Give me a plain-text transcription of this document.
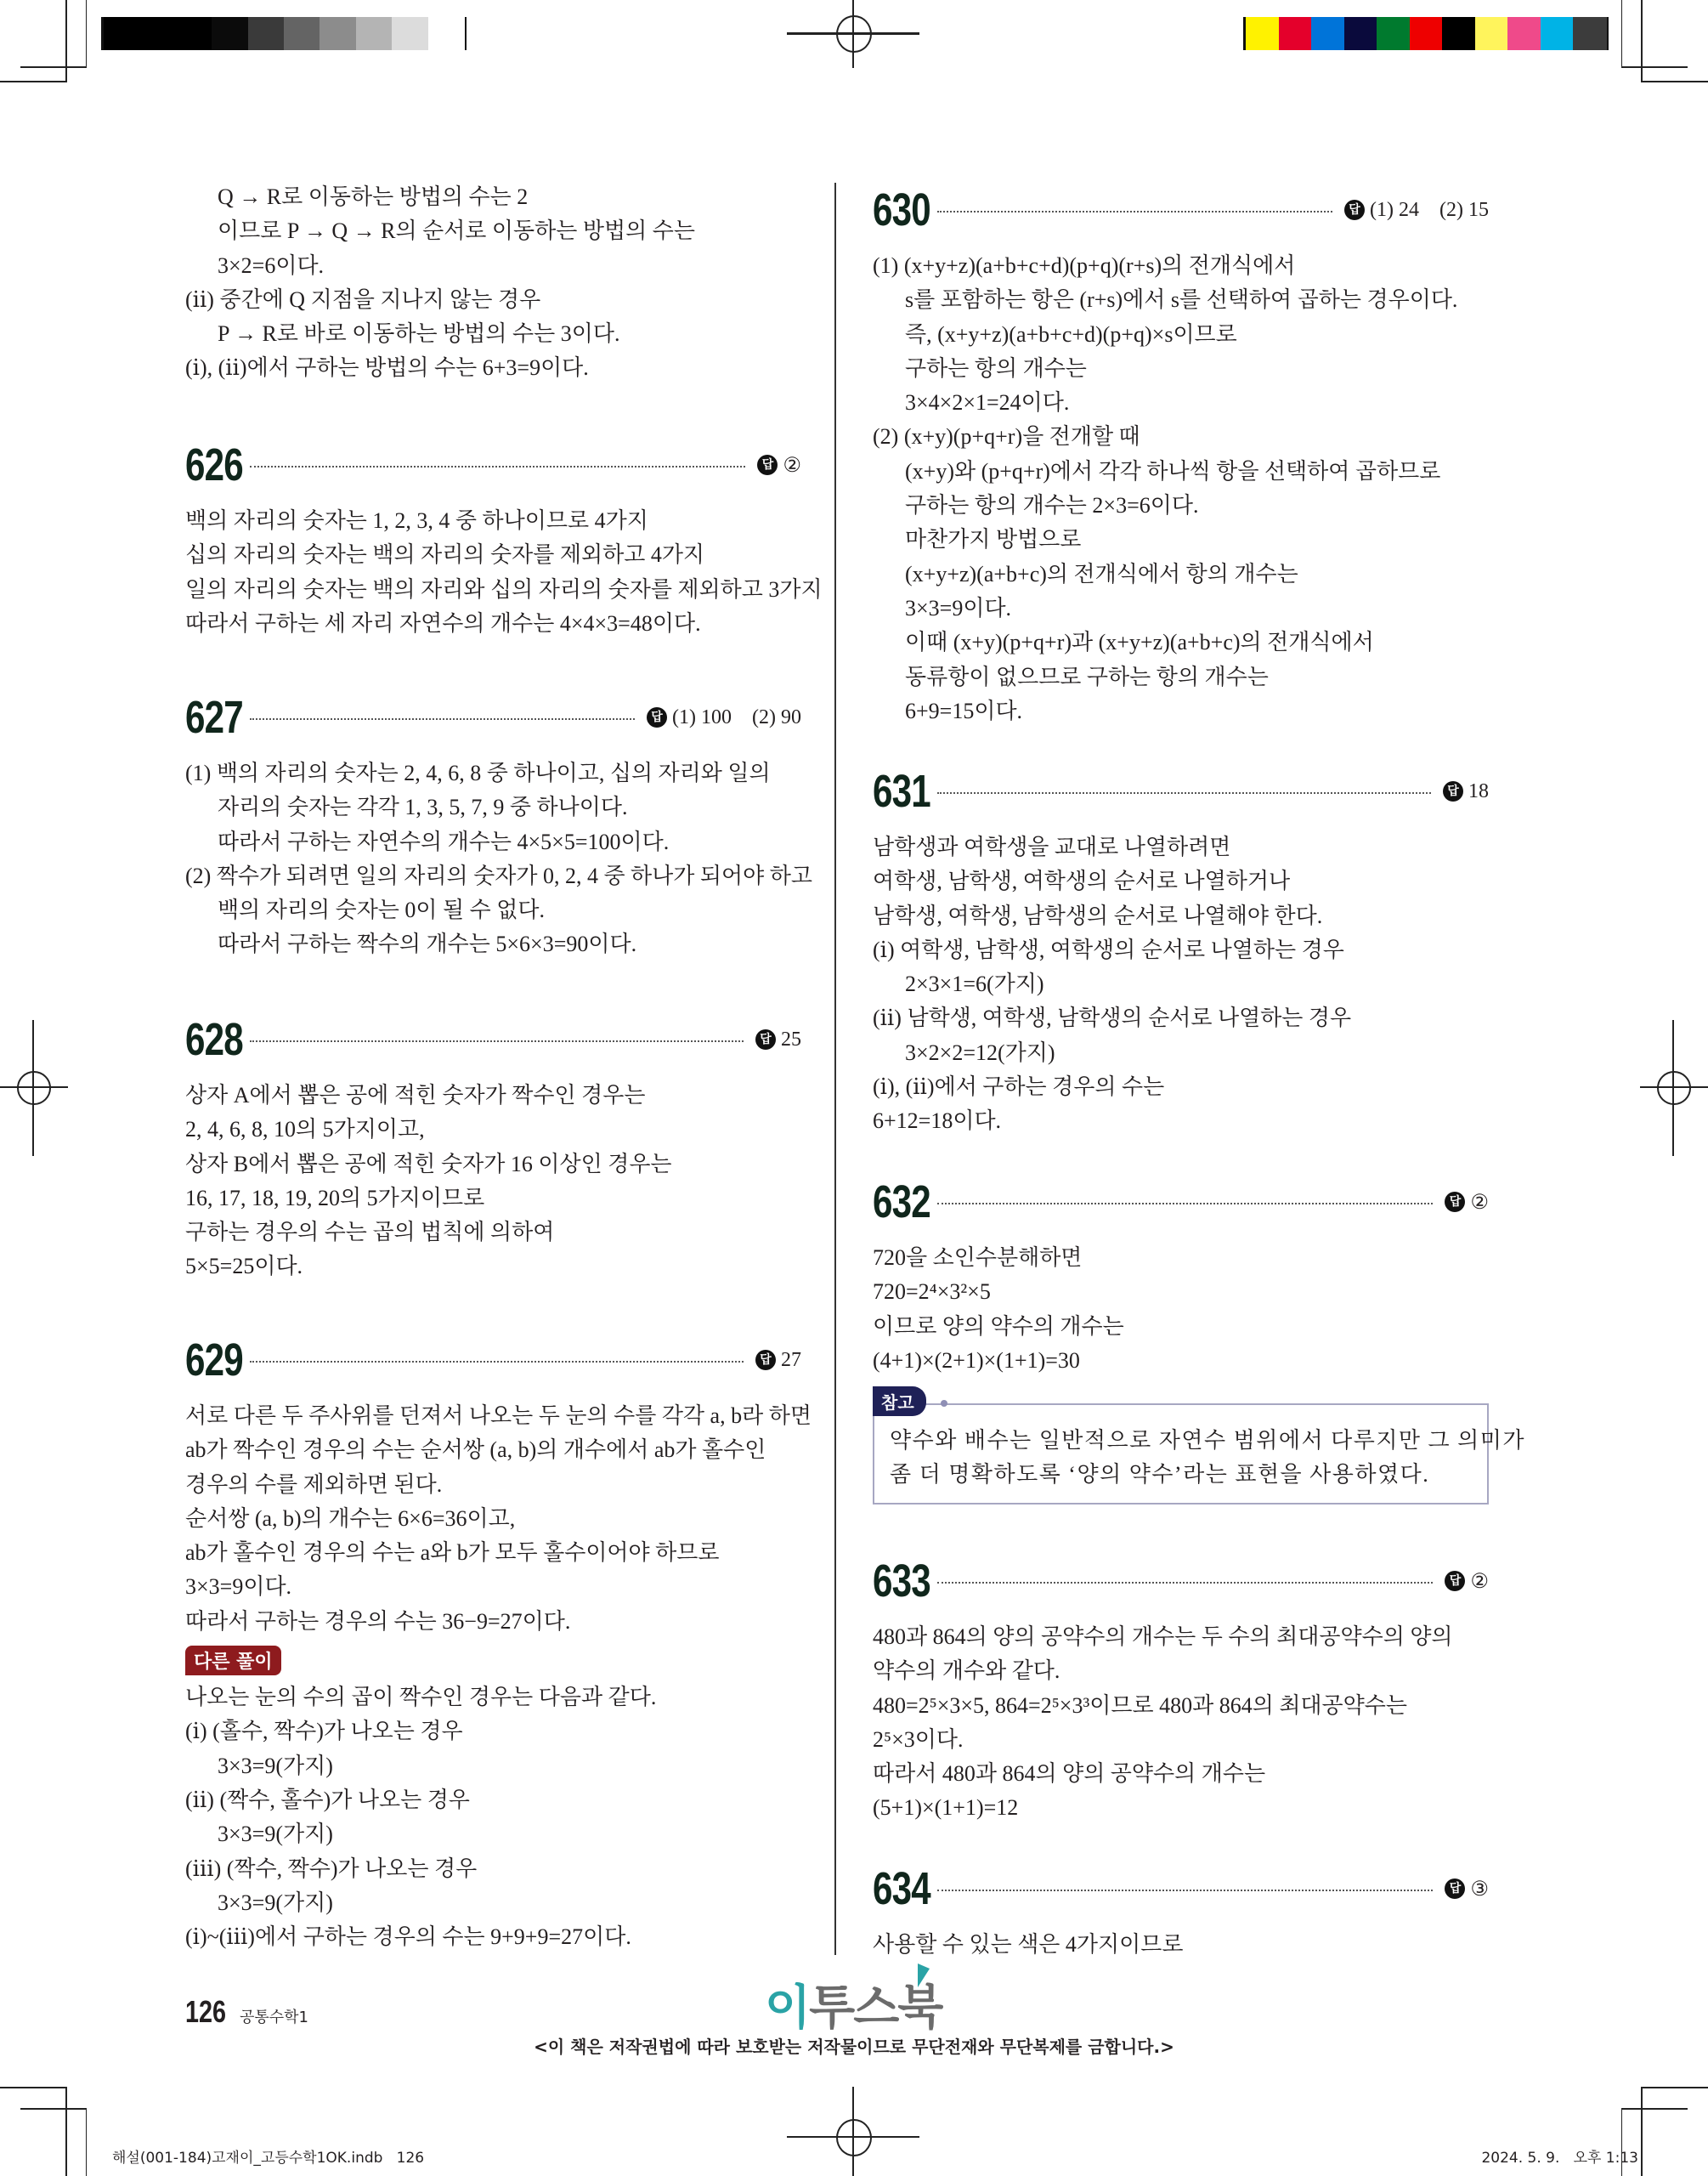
Q → R로 이동하는 방법의 수는 2
이므로 P → Q → R의 순서로 이동하는 방법의 수는
3×2=6이다.
(ⅱ) 중간에 Q 지점을 지나지 않는 경우
P → R로 바로 이동하는 방법의 수는 3이다.
(ⅰ), (ⅱ)에서 구하는 방법의 수는 6+3=9이다.
626	답 ②
백의 자리의 숫자는 1, 2, 3, 4 중 하나이므로 4가지
십의 자리의 숫자는 백의 자리의 숫자를 제외하고 4가지
일의 자리의 숫자는 백의 자리와 십의 자리의 숫자를 제외하고 3가지
따라서 구하는 세 자리 자연수의 개수는 4×4×3=48이다.
627	답 (1) 100    (2) 90
(1) 백의 자리의 숫자는 2, 4, 6, 8 중 하나이고, 십의 자리와 일의
자리의 숫자는 각각 1, 3, 5, 7, 9 중 하나이다.
따라서 구하는 자연수의 개수는 4×5×5=100이다.
(2) 짝수가 되려면 일의 자리의 숫자가 0, 2, 4 중 하나가 되어야 하고
백의 자리의 숫자는 0이 될 수 없다.
따라서 구하는 짝수의 개수는 5×6×3=90이다.
628	답 25
상자 A에서 뽑은 공에 적힌 숫자가 짝수인 경우는
2, 4, 6, 8, 10의 5가지이고,
상자 B에서 뽑은 공에 적힌 숫자가 16 이상인 경우는
16, 17, 18, 19, 20의 5가지이므로
구하는 경우의 수는 곱의 법칙에 의하여
5×5=25이다.
629	답 27
서로 다른 두 주사위를 던져서 나오는 두 눈의 수를 각각 a, b라 하면
ab가 짝수인 경우의 수는 순서쌍 (a, b)의 개수에서 ab가 홀수인
경우의 수를 제외하면 된다.
순서쌍 (a, b)의 개수는 6×6=36이고,
ab가 홀수인 경우의 수는 a와 b가 모두 홀수이어야 하므로
3×3=9이다.
따라서 구하는 경우의 수는 36−9=27이다.
다른 풀이
나오는 눈의 수의 곱이 짝수인 경우는 다음과 같다.
(ⅰ) (홀수, 짝수)가 나오는 경우
3×3=9(가지)
(ⅱ) (짝수, 홀수)가 나오는 경우
3×3=9(가지)
(ⅲ) (짝수, 짝수)가 나오는 경우
3×3=9(가지)
(ⅰ)~(ⅲ)에서 구하는 경우의 수는 9+9+9=27이다.
630	답 (1) 24    (2) 15
(1) (x+y+z)(a+b+c+d)(p+q)(r+s)의 전개식에서
s를 포함하는 항은 (r+s)에서 s를 선택하여 곱하는 경우이다.
즉, (x+y+z)(a+b+c+d)(p+q)×s이므로
구하는 항의 개수는
3×4×2×1=24이다.
(2) (x+y)(p+q+r)을 전개할 때
(x+y)와 (p+q+r)에서 각각 하나씩 항을 선택하여 곱하므로
구하는 항의 개수는 2×3=6이다.
마찬가지 방법으로
(x+y+z)(a+b+c)의 전개식에서 항의 개수는
3×3=9이다.
이때 (x+y)(p+q+r)과 (x+y+z)(a+b+c)의 전개식에서
동류항이 없으므로 구하는 항의 개수는
6+9=15이다.
631	답 18
남학생과 여학생을 교대로 나열하려면
여학생, 남학생, 여학생의 순서로 나열하거나
남학생, 여학생, 남학생의 순서로 나열해야 한다.
(ⅰ) 여학생, 남학생, 여학생의 순서로 나열하는 경우
2×3×1=6(가지)
(ⅱ) 남학생, 여학생, 남학생의 순서로 나열하는 경우
3×2×2=12(가지)
(ⅰ), (ⅱ)에서 구하는 경우의 수는
6+12=18이다.
632	답 ②
720을 소인수분해하면
720=2⁴×3²×5
이므로 양의 약수의 개수는
(4+1)×(2+1)×(1+1)=30
참고
약수와 배수는 일반적으로 자연수 범위에서 다루지만 그 의미가
좀 더 명확하도록 ‘양의 약수’라는 표현을 사용하였다.
633	답 ②
480과 864의 양의 공약수의 개수는 두 수의 최대공약수의 양의
약수의 개수와 같다.
480=2⁵×3×5, 864=2⁵×3³이므로 480과 864의 최대공약수는
2⁵×3이다.
따라서 480과 864의 양의 공약수의 개수는
(5+1)×(1+1)=12
634	답 ③
사용할 수 있는 색은 4가지이므로
126 공통수학1	이투스북
<이 책은 저작권법에 따라 보호받는 저작물이므로 무단전재와 무단복제를 금합니다.>
해설(001-184)고재이_고등수학1OK.indb   126	2024. 5. 9.   오후 1:13
